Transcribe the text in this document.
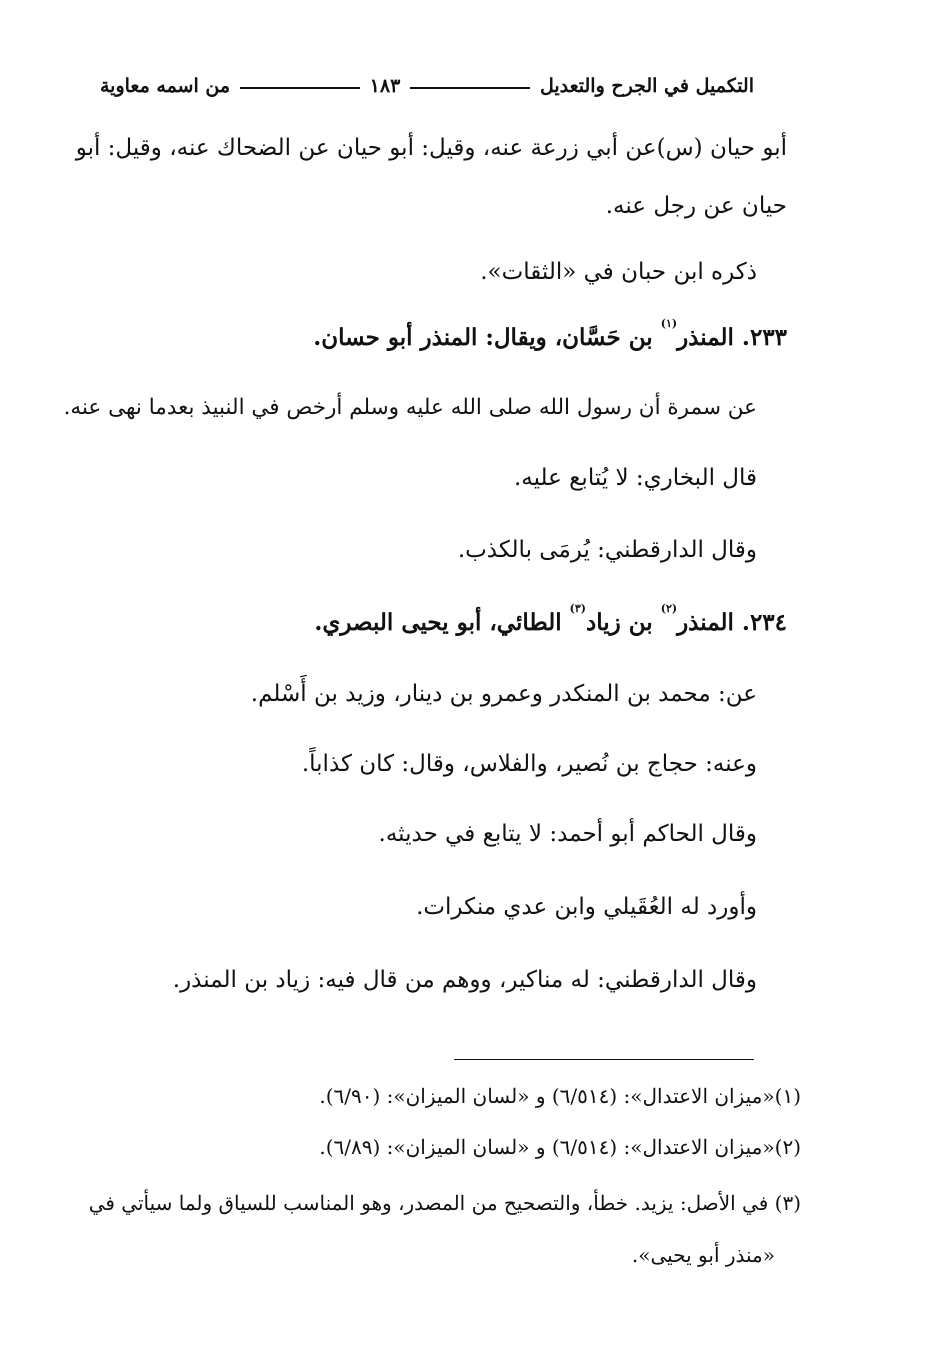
التكميل في الجرح والتعديل
١٨٣
من اسمه معاوية
أبو حيان (س)عن أبي زرعة عنه، وقيل: أبو حيان عن الضحاك عنه، وقيل: أبو
حيان عن رجل عنه.
ذكره ابن حبان في «الثقات».
٢٣٣. المنذر$^{(١)}$ بن حَسَّان، ويقال: المنذر أبو حسان.
عن سمرة أن رسول الله صلى الله عليه وسلم أرخص في النبيذ بعدما نهى عنه.
قال البخاري: لا يُتابع عليه.
وقال الدارقطني: يُرمَى بالكذب.
٢٣٤. المنذر$^{(٢)}$ بن زياد$^{(٣)}$ الطائي، أبو يحيى البصري.
عن: محمد بن المنكدر وعمرو بن دينار، وزيد بن أَسْلم.
وعنه: حجاج بن نُصير، والفلاس، وقال: كان كذاباً.
وقال الحاكم أبو أحمد: لا يتابع في حديثه.
وأورد له العُقَيلي وابن عدي منكرات.
وقال الدارقطني: له مناكير، ووهم من قال فيه: زياد بن المنذر.
(١)«ميزان الاعتدال»: (٦/٥١٤) و «لسان الميزان»: (٦/٩٠).
(٢)«ميزان الاعتدال»: (٦/٥١٤) و «لسان الميزان»: (٦/٨٩).
(٣) في الأصل: يزيد. خطأ، والتصحيح من المصدر، وهو المناسب للسياق ولما سيأتي في
«منذر أبو يحيى».
